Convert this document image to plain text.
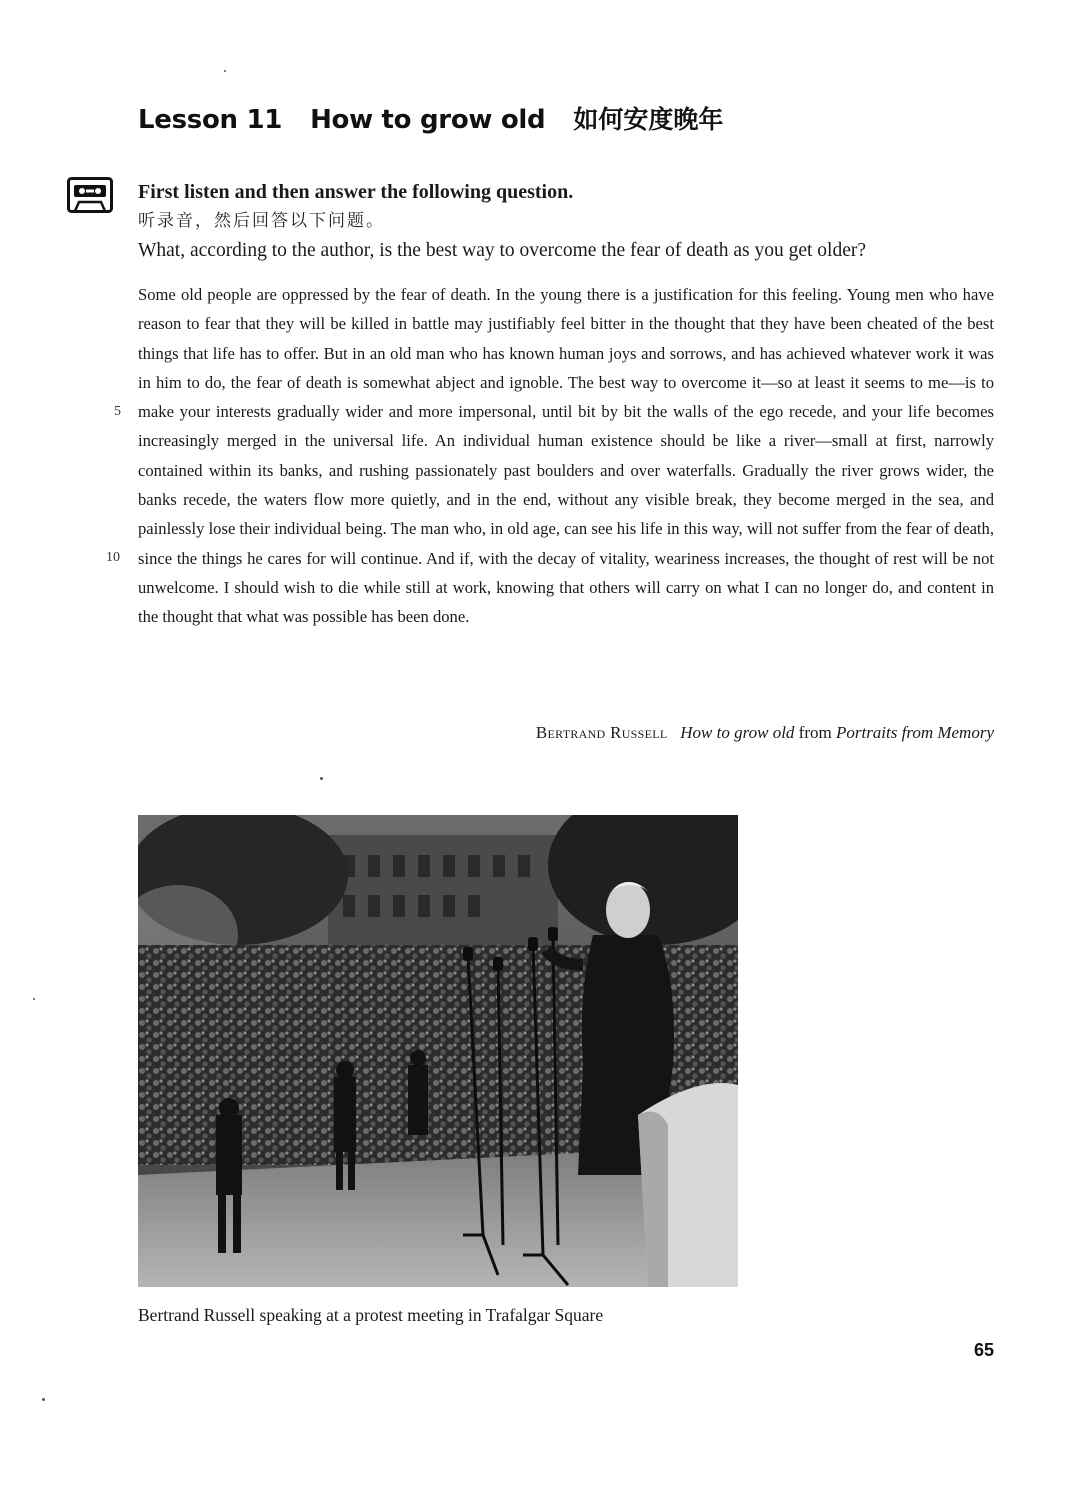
Lesson 11 How to grow old 如何安度晚年
First listen and then answer the following question.
听录音，然后回答以下问题。
What, according to the author, is the best way to overcome the fear of death as you get older?

Some old people are oppressed by the fear of death. In the young there is a justification for this feeling. Young men who have reason to fear that they will be killed in battle may justifiably feel bitter in the thought that they have been cheated of the best things that life has to offer. But in an old man who has known human joys and sorrows, and has achieved whatever work it was in him to do, the fear of death is somewhat abject and ignoble. The best way to overcome it—so at least it seems to me—is to make your interests gradually wider and more impersonal, until bit by bit the walls of the ego recede, and your life becomes increasingly merged in the universal life. An individual human existence should be like a river—small at first, narrowly contained within its banks, and rushing passionately past boulders and over waterfalls. Gradually the river grows wider, the banks recede, the waters flow more quietly, and in the end, without any visible break, they become merged in the sea, and painlessly lose their individual being. The man who, in old age, can see his life in this way, will not suffer from the fear of death, since the things he cares for will continue. And if, with the decay of vitality, weariness increases, the thought of rest will be not unwelcome. I should wish to die while still at work, knowing that others will carry on what I can no longer do, and content in the thought that what was possible has been done.

5
10
Bertrand Russell How to grow old from Portraits from Memory
Bertrand Russell speaking at a protest meeting in Trafalgar Square
65
